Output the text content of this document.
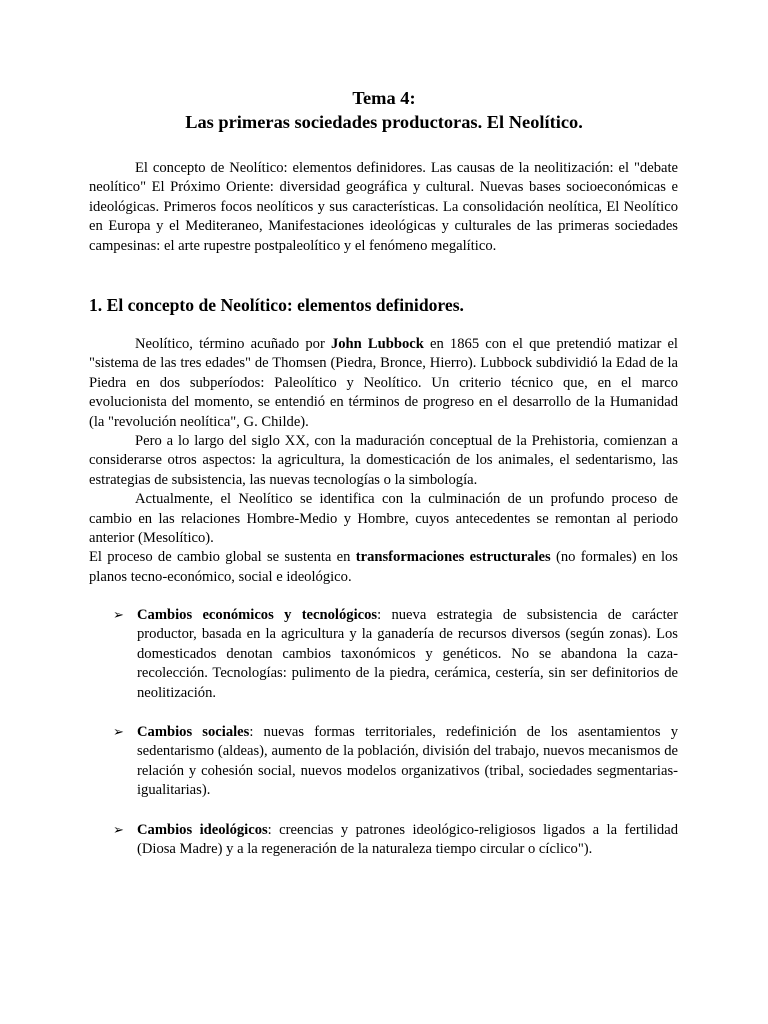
Tema 4:
Las primeras sociedades productoras. El Neolítico.

El concepto de Neolítico: elementos definidores. Las causas de la neolitización: el "debate neolítico" El Próximo Oriente: diversidad geográfica y cultural. Nuevas bases socioeconómicas e ideológicas. Primeros focos neolíticos y sus características. La consolidación neolítica, El Neolítico en Europa y el Mediteraneo, Manifestaciones ideológicas y culturales de las primeras sociedades campesinas: el arte rupestre postpaleolítico y el fenómeno megalítico.

1. El concepto de Neolítico: elementos definidores.

Neolítico, término acuñado por John Lubbock en 1865 con el que pretendió matizar el "sistema de las tres edades" de Thomsen (Piedra, Bronce, Hierro). Lubbock subdividió la Edad de la Piedra en dos subperíodos: Paleolítico y Neolítico. Un criterio técnico que, en el marco evolucionista del momento, se entendió en términos de progreso en el desarrollo de la Humanidad (la "revolución neolítica", G. Childe).

Pero a lo largo del siglo XX, con la maduración conceptual de la Prehistoria, comienzan a considerarse otros aspectos: la agricultura, la domesticación de los animales, el sedentarismo, las estrategias de subsistencia, las nuevas tecnologías o la simbología.

Actualmente, el Neolítico se identifica con la culminación de un profundo proceso de cambio en las relaciones Hombre-Medio y Hombre, cuyos antecedentes se remontan al periodo anterior (Mesolítico).

El proceso de cambio global se sustenta en transformaciones estructurales (no formales) en los planos tecno-económico, social e ideológico.

➢ Cambios económicos y tecnológicos: nueva estrategia de subsistencia de carácter productor, basada en la agricultura y la ganadería de recursos diversos (según zonas). Los domesticados denotan cambios taxonómicos y genéticos. No se abandona la caza-recolección. Tecnologías: pulimento de la piedra, cerámica, cestería, sin ser definitorios de neolitización.
➢ Cambios sociales: nuevas formas territoriales, redefinición de los asentamientos y sedentarismo (aldeas), aumento de la población, división del trabajo, nuevos mecanismos de relación y cohesión social, nuevos modelos organizativos (tribal, sociedades segmentarias-igualitarias).
➢ Cambios ideológicos: creencias y patrones ideológico-religiosos ligados a la fertilidad (Diosa Madre) y a la regeneración de la naturaleza tiempo circular o cíclico").
